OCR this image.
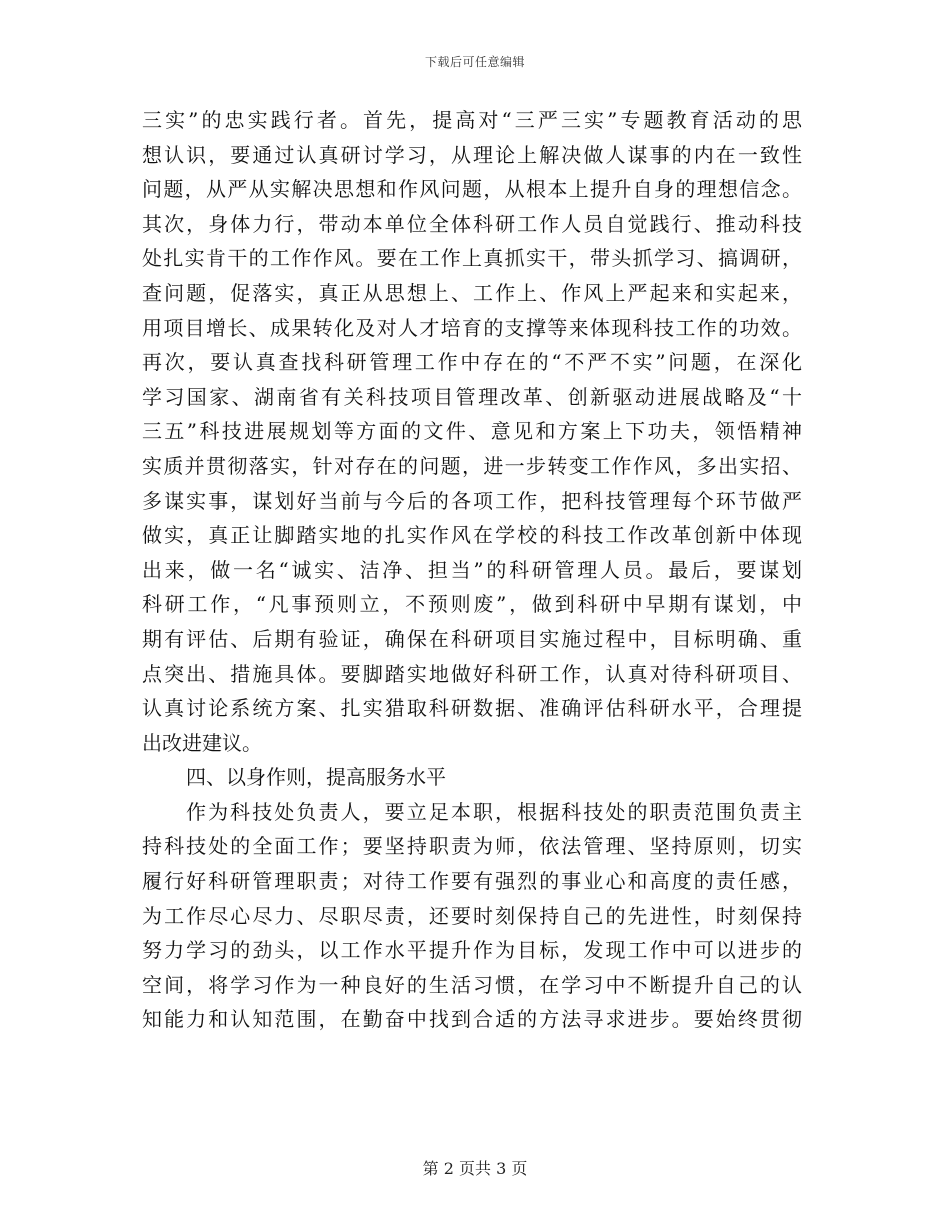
下载后可任意编辑
三实”的忠实践行者。首先，提高对“三严三实”专题教育活动的思
想认识，要通过认真研讨学习，从理论上解决做人谋事的内在一致性
问题，从严从实解决思想和作风问题，从根本上提升自身的理想信念。
其次，身体力行，带动本单位全体科研工作人员自觉践行、推动科技
处扎实肯干的工作作风。要在工作上真抓实干，带头抓学习、搞调研，
查问题，促落实，真正从思想上、工作上、作风上严起来和实起来，
用项目增长、成果转化及对人才培育的支撑等来体现科技工作的功效。
再次，要认真查找科研管理工作中存在的“不严不实”问题，在深化
学习国家、湖南省有关科技项目管理改革、创新驱动进展战略及“十
三五”科技进展规划等方面的文件、意见和方案上下功夫，领悟精神
实质并贯彻落实，针对存在的问题，进一步转变工作作风，多出实招、
多谋实事，谋划好当前与今后的各项工作，把科技管理每个环节做严
做实，真正让脚踏实地的扎实作风在学校的科技工作改革创新中体现
出来，做一名“诚实、洁净、担当”的科研管理人员。最后，要谋划
科研工作，“凡事预则立，不预则废”，做到科研中早期有谋划，中
期有评估、后期有验证，确保在科研项目实施过程中，目标明确、重
点突出、措施具体。要脚踏实地做好科研工作，认真对待科研项目、
认真讨论系统方案、扎实猎取科研数据、准确评估科研水平，合理提
出改进建议。
四、以身作则，提高服务水平
作为科技处负责人，要立足本职，根据科技处的职责范围负责主
持科技处的全面工作；要坚持职责为师，依法管理、坚持原则，切实
履行好科研管理职责；对待工作要有强烈的事业心和高度的责任感，
为工作尽心尽力、尽职尽责，还要时刻保持自己的先进性，时刻保持
努力学习的劲头，以工作水平提升作为目标，发现工作中可以进步的
空间，将学习作为一种良好的生活习惯，在学习中不断提升自己的认
知能力和认知范围，在勤奋中找到合适的方法寻求进步。要始终贯彻
第 2 页共 3 页
